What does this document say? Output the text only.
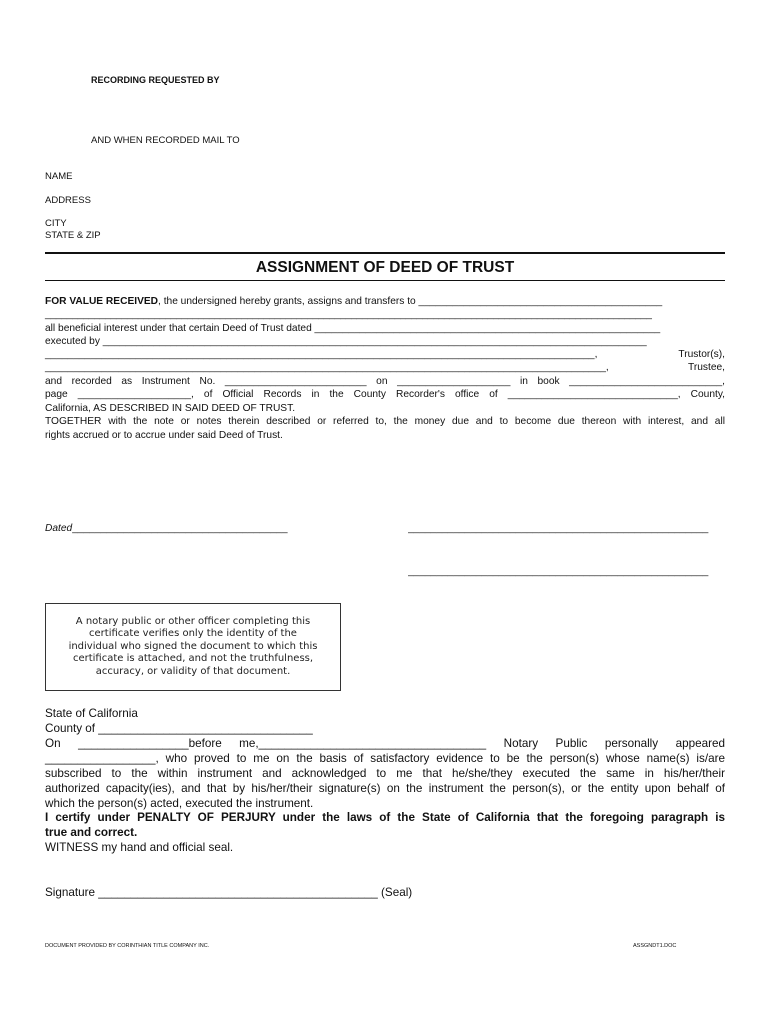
RECORDING REQUESTED BY
AND WHEN RECORDED MAIL TO
NAME
ADDRESS
CITY
STATE & ZIP
ASSIGNMENT OF DEED OF TRUST
FOR VALUE RECEIVED, the undersigned hereby grants, assigns and transfers to ___________________________________________
_______________________________________________________________________________________________________________
all beneficial interest under that certain Deed of Trust dated _____________________________________________________________
executed by ________________________________________________________________________________________________
_________________________________________________________________________________________________, Trustor(s),
___________________________________________________________________________________________________, Trustee,
and recorded as Instrument No. _________________________ on ____________________ in book ___________________________,
page ____________________, of Official Records in the County Recorder's office of ______________________________, County,
California, AS DESCRIBED IN SAID DEED OF TRUST.
TOGETHER with the note or notes therein described or referred to, the money due and to become due thereon with interest, and all
rights accrued or to accrue under said Deed of Trust.
Dated______________________________________	_____________________________________________________
_____________________________________________________
A notary public or other officer completing this
certificate verifies only the identity of the
individual who signed the document to which this
certificate is attached, and not the truthfulness,
accuracy, or validity of that document.
State of California
County of _________________________________
On _________________before me,___________________________________ Notary Public personally appeared
_________________, who proved to me on the basis of satisfactory evidence to be the person(s) whose name(s) is/are
subscribed to the within instrument and acknowledged to me that he/she/they executed the same in his/her/their
authorized capacity(ies), and that by his/her/their signature(s) on the instrument the person(s), or the entity upon behalf of
which the person(s) acted, executed the instrument.
I certify under PENALTY OF PERJURY under the laws of the State of California that the foregoing paragraph is
true and correct.
WITNESS my hand and official seal.
Signature ___________________________________________ (Seal)
DOCUMENT PROVIDED BY CORINTHIAN TITLE COMPANY INC.	ASSGNDT1.DOC
